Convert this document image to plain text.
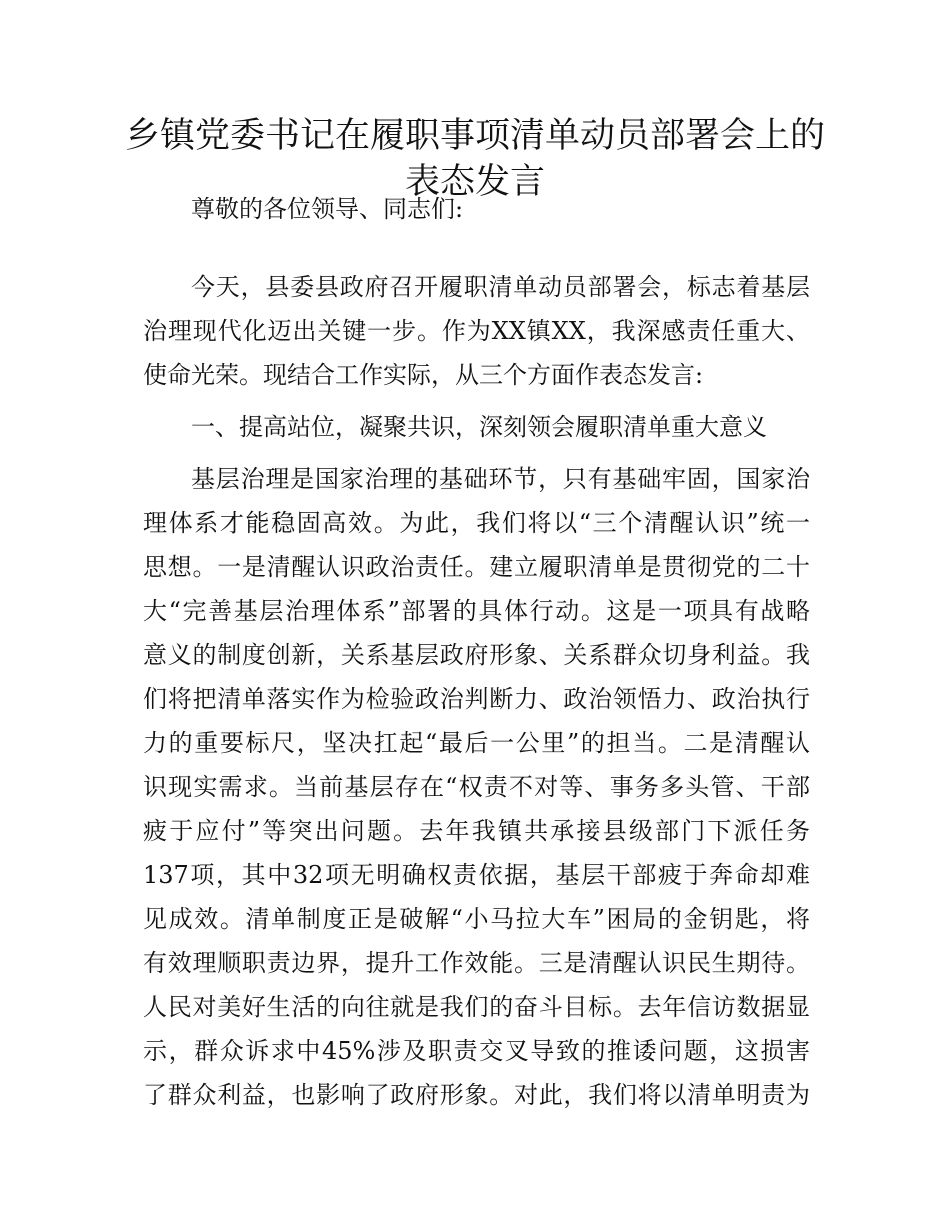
乡镇党委书记在履职事项清单动员部署会上的
表态发言
尊敬的各位领导、同志们:
今天，县委县政府召开履职清单动员部署会，标志着基层
治理现代化迈出关键一步。作为XX镇XX，我深感责任重大、
使命光荣。现结合工作实际，从三个方面作表态发言:
一、提高站位，凝聚共识，深刻领会履职清单重大意义
基层治理是国家治理的基础环节，只有基础牢固，国家治
理体系才能稳固高效。为此，我们将以“三个清醒认识”统一
思想。一是清醒认识政治责任。建立履职清单是贯彻党的二十
大“完善基层治理体系”部署的具体行动。这是一项具有战略
意义的制度创新，关系基层政府形象、关系群众切身利益。我
们将把清单落实作为检验政治判断力、政治领悟力、政治执行
力的重要标尺，坚决扛起“最后一公里”的担当。二是清醒认
识现实需求。当前基层存在“权责不对等、事务多头管、干部
疲于应付”等突出问题。去年我镇共承接县级部门下派任务
137项，其中32项无明确权责依据，基层干部疲于奔命却难
见成效。清单制度正是破解“小马拉大车”困局的金钥匙，将
有效理顺职责边界，提升工作效能。三是清醒认识民生期待。
人民对美好生活的向往就是我们的奋斗目标。去年信访数据显
示，群众诉求中45%涉及职责交叉导致的推诿问题，这损害
了群众利益，也影响了政府形象。对此，我们将以清单明责为
